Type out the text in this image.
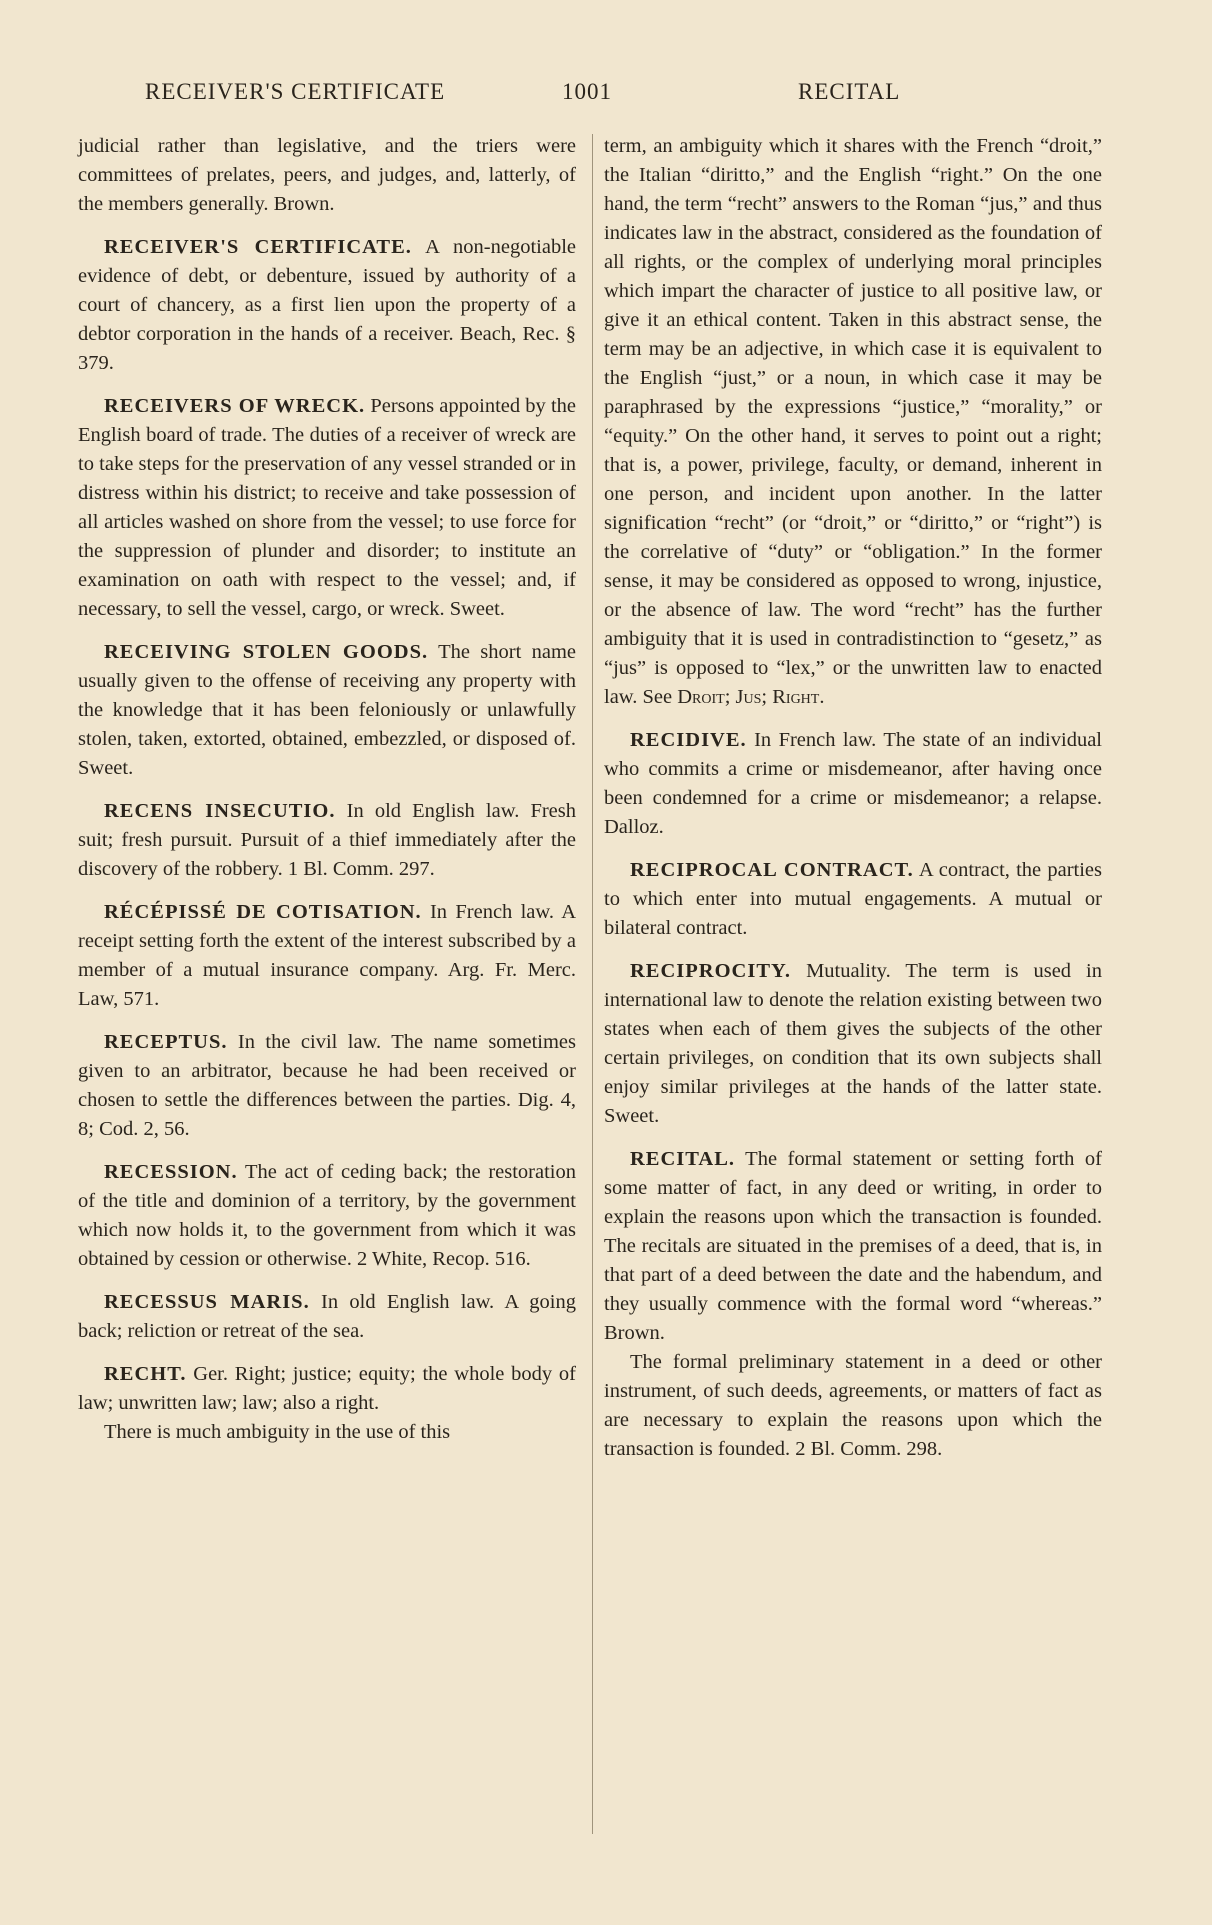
RECEIVER'S CERTIFICATE	1001	RECITAL

judicial rather than legislative, and the triers were committees of prelates, peers, and judges, and, latterly, of the members generally. Brown.

RECEIVER'S CERTIFICATE. A non-negotiable evidence of debt, or debenture, issued by authority of a court of chancery, as a first lien upon the property of a debtor corporation in the hands of a receiver. Beach, Rec. § 379.

RECEIVERS OF WRECK. Persons appointed by the English board of trade. The duties of a receiver of wreck are to take steps for the preservation of any vessel stranded or in distress within his district; to receive and take possession of all articles washed on shore from the vessel; to use force for the suppression of plunder and disorder; to institute an examination on oath with respect to the vessel; and, if necessary, to sell the vessel, cargo, or wreck. Sweet.

RECEIVING STOLEN GOODS. The short name usually given to the offense of receiving any property with the knowledge that it has been feloniously or unlawfully stolen, taken, extorted, obtained, embezzled, or disposed of. Sweet.

RECENS INSECUTIO. In old English law. Fresh suit; fresh pursuit. Pursuit of a thief immediately after the discovery of the robbery. 1 Bl. Comm. 297.

RÉCÉPISSÉ DE COTISATION. In French law. A receipt setting forth the extent of the interest subscribed by a member of a mutual insurance company. Arg. Fr. Merc. Law, 571.

RECEPTUS. In the civil law. The name sometimes given to an arbitrator, because he had been received or chosen to settle the differences between the parties. Dig. 4, 8; Cod. 2, 56.

RECESSION. The act of ceding back; the restoration of the title and dominion of a territory, by the government which now holds it, to the government from which it was obtained by cession or otherwise. 2 White, Recop. 516.

RECESSUS MARIS. In old English law. A going back; reliction or retreat of the sea.

RECHT. Ger. Right; justice; equity; the whole body of law; unwritten law; law; also a right.

There is much ambiguity in the use of this

term, an ambiguity which it shares with the French “droit,” the Italian “diritto,” and the English “right.” On the one hand, the term “recht” answers to the Roman “jus,” and thus indicates law in the abstract, considered as the foundation of all rights, or the complex of underlying moral principles which impart the character of justice to all positive law, or give it an ethical content. Taken in this abstract sense, the term may be an adjective, in which case it is equivalent to the English “just,” or a noun, in which case it may be paraphrased by the expressions “justice,” “morality,” or “equity.” On the other hand, it serves to point out a right; that is, a power, privilege, faculty, or demand, inherent in one person, and incident upon another. In the latter signification “recht” (or “droit,” or “diritto,” or “right”) is the correlative of “duty” or “obligation.” In the former sense, it may be considered as opposed to wrong, injustice, or the absence of law. The word “recht” has the further ambiguity that it is used in contradistinction to “gesetz,” as “jus” is opposed to “lex,” or the unwritten law to enacted law. See Droit; Jus; Right.

RECIDIVE. In French law. The state of an individual who commits a crime or misdemeanor, after having once been condemned for a crime or misdemeanor; a relapse. Dalloz.

RECIPROCAL CONTRACT. A contract, the parties to which enter into mutual engagements. A mutual or bilateral contract.

RECIPROCITY. Mutuality. The term is used in international law to denote the relation existing between two states when each of them gives the subjects of the other certain privileges, on condition that its own subjects shall enjoy similar privileges at the hands of the latter state. Sweet.

RECITAL. The formal statement or setting forth of some matter of fact, in any deed or writing, in order to explain the reasons upon which the transaction is founded. The recitals are situated in the premises of a deed, that is, in that part of a deed between the date and the habendum, and they usually commence with the formal word “whereas.” Brown.

The formal preliminary statement in a deed or other instrument, of such deeds, agreements, or matters of fact as are necessary to explain the reasons upon which the transaction is founded. 2 Bl. Comm. 298.
